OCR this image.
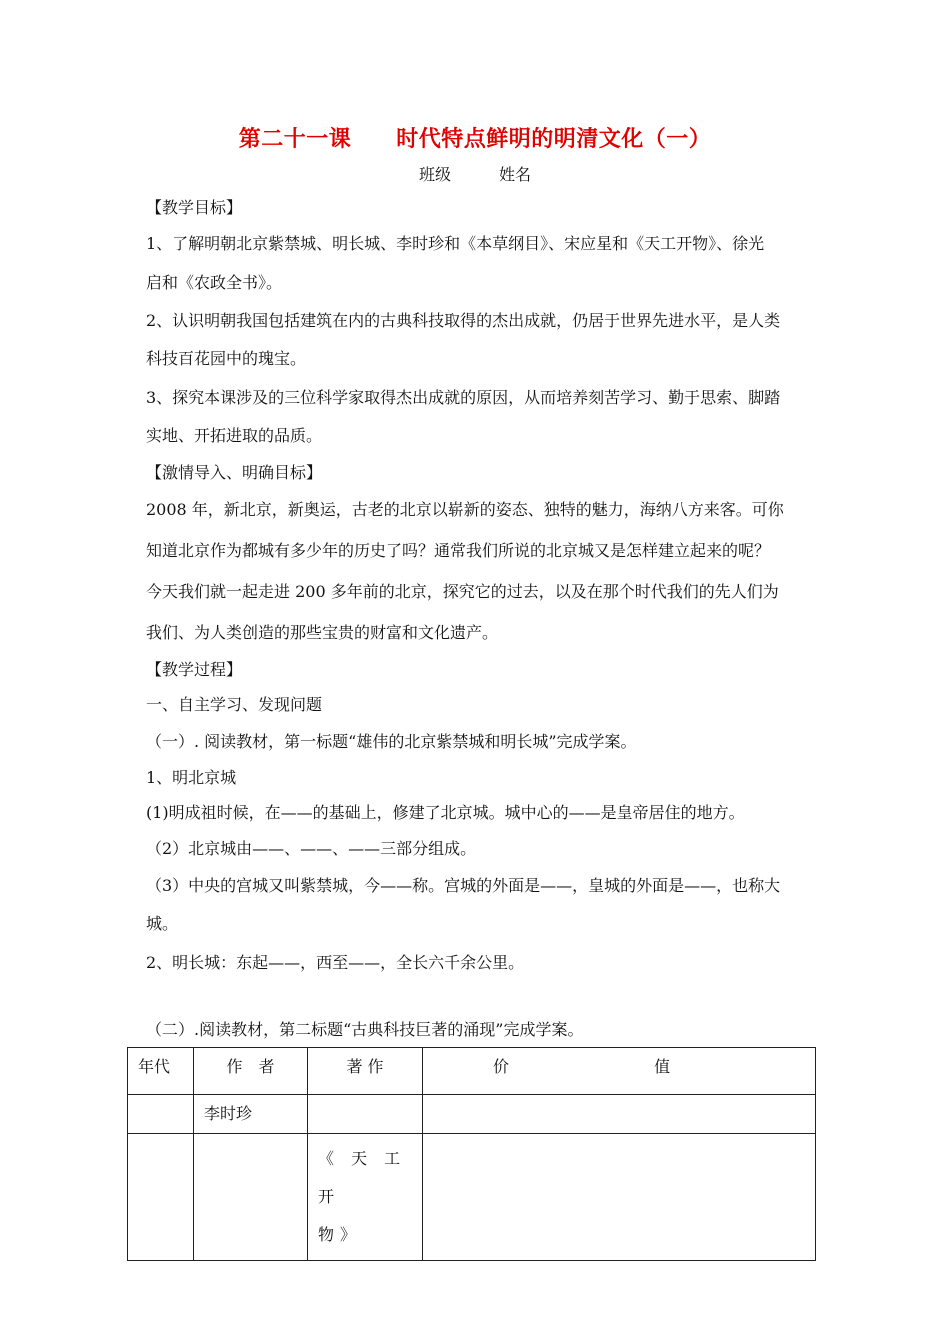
第二十一课　　时代特点鲜明的明清文化（一）
班级　　　姓名
【教学目标】
1、了解明朝北京紫禁城、明长城、李时珍和《本草纲目》、宋应星和《天工开物》、徐光
启和《农政全书》。
2、认识明朝我国包括建筑在内的古典科技取得的杰出成就，仍居于世界先进水平，是人类
科技百花园中的瑰宝。
3、探究本课涉及的三位科学家取得杰出成就的原因，从而培养刻苦学习、勤于思索、脚踏
实地、开拓进取的品质。
【激情导入、明确目标】
2008 年，新北京，新奥运，古老的北京以崭新的姿态、独特的魅力，海纳八方来客。可你
知道北京作为都城有多少年的历史了吗？通常我们所说的北京城又是怎样建立起来的呢？
今天我们就一起走进 200 多年前的北京，探究它的过去，以及在那个时代我们的先人们为
我们、为人类创造的那些宝贵的财富和文化遗产。
【教学过程】
一、自主学习、发现问题
（一）. 阅读教材，第一标题“雄伟的北京紫禁城和明长城”完成学案。
1、明北京城
(1)明成祖时候，在——的基础上，修建了北京城。城中心的——是皇帝居住的地方。
（2）北京城由——、——、——三部分组成。
（3）中央的宫城又叫紫禁城，今——称。宫城的外面是——，皇城的外面是——，也称大
城。
2、明长城：东起——，西至——，全长六千余公里。
（二）.阅读教材，第二标题“古典科技巨著的涌现”完成学案。
年代	作　者	著 作	价 值
	李时珍		

		《 天 工 开
物》	
